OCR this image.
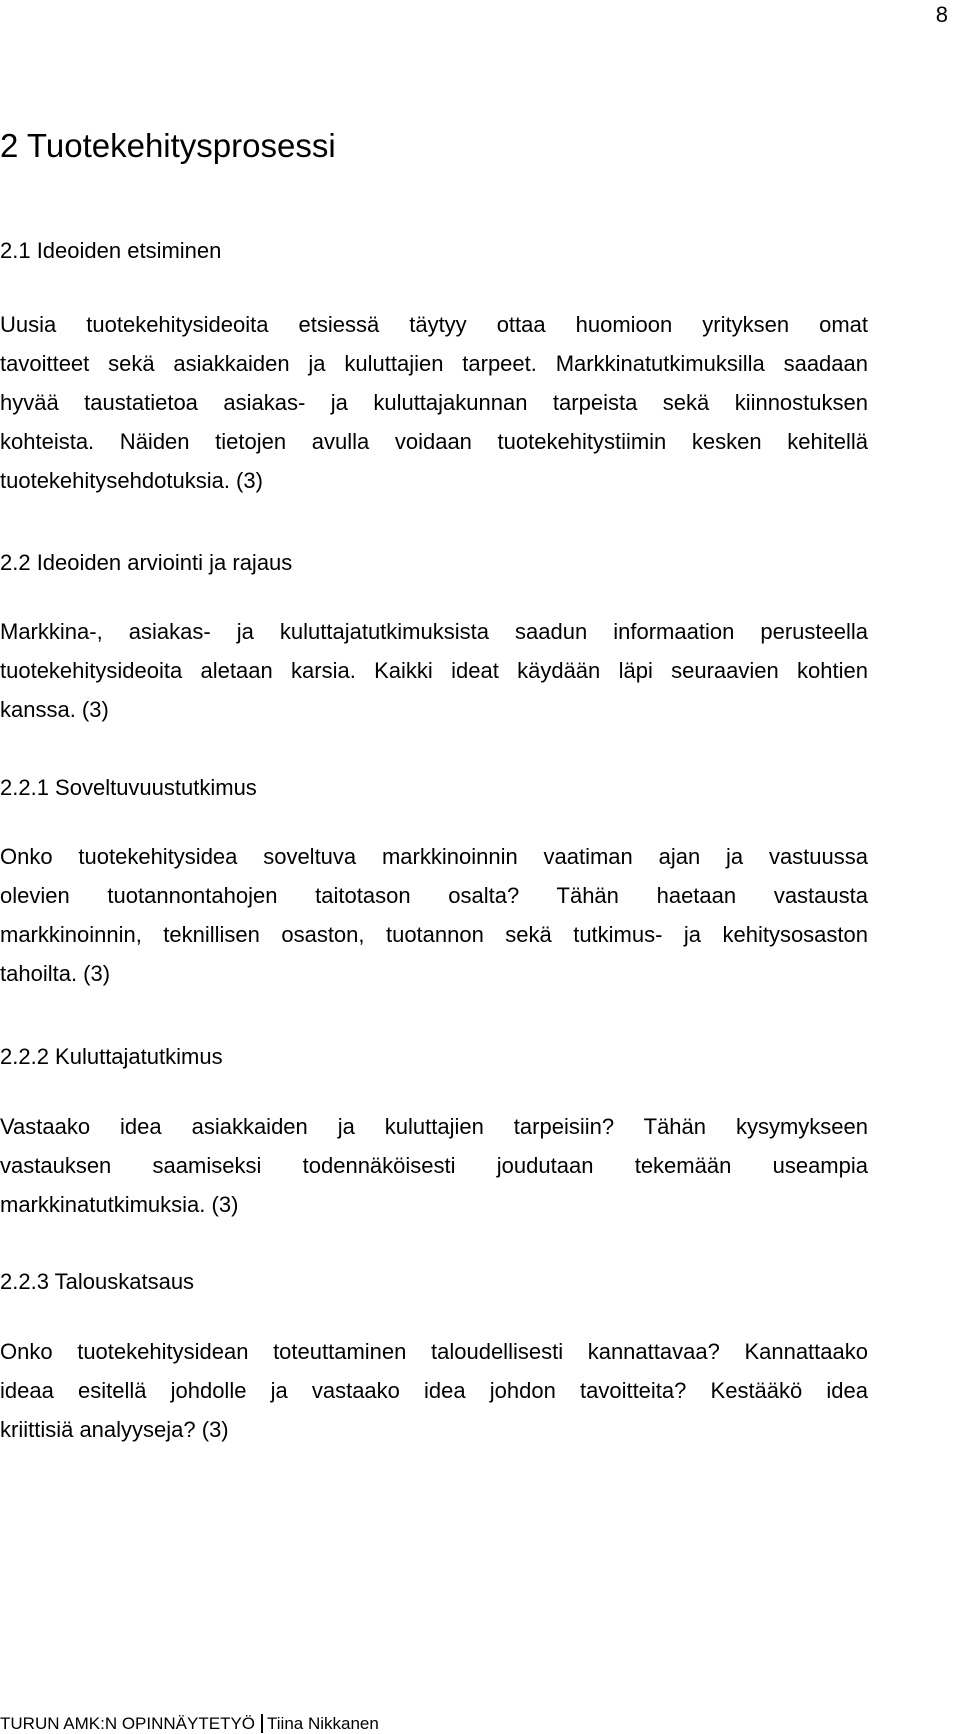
8
2 Tuotekehitysprosessi
2.1 Ideoiden etsiminen

Uusia tuotekehitysideoita etsiessä täytyy ottaa huomioon yrityksen omat
tavoitteet sekä asiakkaiden ja kuluttajien tarpeet. Markkinatutkimuksilla saadaan
hyvää taustatietoa asiakas- ja kuluttajakunnan tarpeista sekä kiinnostuksen
kohteista. Näiden tietojen avulla voidaan tuotekehitystiimin kesken kehitellä
tuotekehitysehdotuksia. (3)

2.2 Ideoiden arviointi ja rajaus

Markkina-, asiakas- ja kuluttajatutkimuksista saadun informaation perusteella
tuotekehitysideoita aletaan karsia. Kaikki ideat käydään läpi seuraavien kohtien
kanssa. (3)

2.2.1 Soveltuvuustutkimus

Onko tuotekehitysidea soveltuva markkinoinnin vaatiman ajan ja vastuussa
olevien tuotannontahojen taitotason osalta? Tähän haetaan vastausta
markkinoinnin, teknillisen osaston, tuotannon sekä tutkimus- ja kehitysosaston
tahoilta. (3)

2.2.2 Kuluttajatutkimus

Vastaako idea asiakkaiden ja kuluttajien tarpeisiin? Tähän kysymykseen
vastauksen saamiseksi todennäköisesti joudutaan tekemään useampia
markkinatutkimuksia. (3)

2.2.3 Talouskatsaus

Onko tuotekehitysidean toteuttaminen taloudellisesti kannattavaa? Kannattaako
ideaa esitellä johdolle ja vastaako idea johdon tavoitteita? Kestääkö idea
kriittisiä analyyseja? (3)

TURUN AMK:N OPINNÄYTETYÖ Tiina Nikkanen
